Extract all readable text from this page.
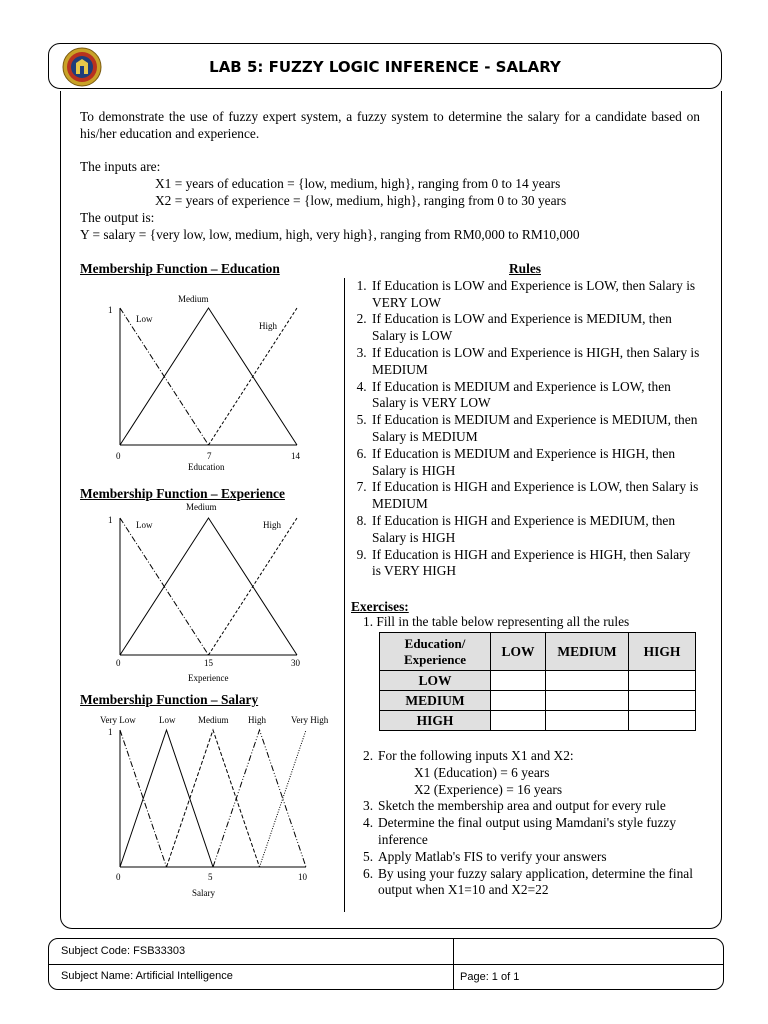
LAB 5: FUZZY LOGIC INFERENCE - SALARY
To demonstrate the use of fuzzy expert system, a fuzzy system to determine the salary for a candidate based on his/her education and experience.
The inputs are:
X1 = years of education = {low, medium, high}, ranging from 0 to 14 years
X2 = years of experience = {low, medium, high}, ranging from 0 to 30 years
The output is:
Y = salary = {very low, low, medium, high, very high}, ranging from RM0,000 to RM10,000
Membership Function – Education
Membership Function – Experience
Membership Function – Salary
1
0	7	14
Education
Low
Medium
High
1
0	15	30
Experience
Low
Medium
High
1
0	5	10
Salary
Very Low	Low	Medium High	Very High
Rules
1. If Education is LOW and Experience is LOW, then Salary is VERY LOW
2. If Education is LOW and Experience is MEDIUM, then Salary is LOW
3. If Education is LOW and Experience is HIGH, then Salary is MEDIUM
4. If Education is MEDIUM and Experience is LOW, then Salary is VERY LOW
5. If Education is MEDIUM and Experience is MEDIUM, then Salary is MEDIUM
6. If Education is MEDIUM and Experience is HIGH, then Salary is HIGH
7. If Education is HIGH and Experience is LOW, then Salary is MEDIUM
8. If Education is HIGH and Experience is MEDIUM, then Salary is HIGH
9. If Education is HIGH and Experience is HIGH, then Salary is VERY HIGH
Exercises:
1. Fill in the table below representing all the rules
Education/ Experience	LOW	MEDIUM	HIGH
LOW			
MEDIUM			
HIGH			
2. For the following inputs X1 and X2:
X1 (Education) = 6 years
X2 (Experience) = 16 years
3. Sketch the membership area and output for every rule
4. Determine the final output using Mamdani's style fuzzy inference
5. Apply Matlab's FIS to verify your answers
6. By using your fuzzy salary application, determine the final output when X1=10 and X2=22
Subject Code: FSB33303
Subject Name: Artificial Intelligence	Page: 1 of 1
